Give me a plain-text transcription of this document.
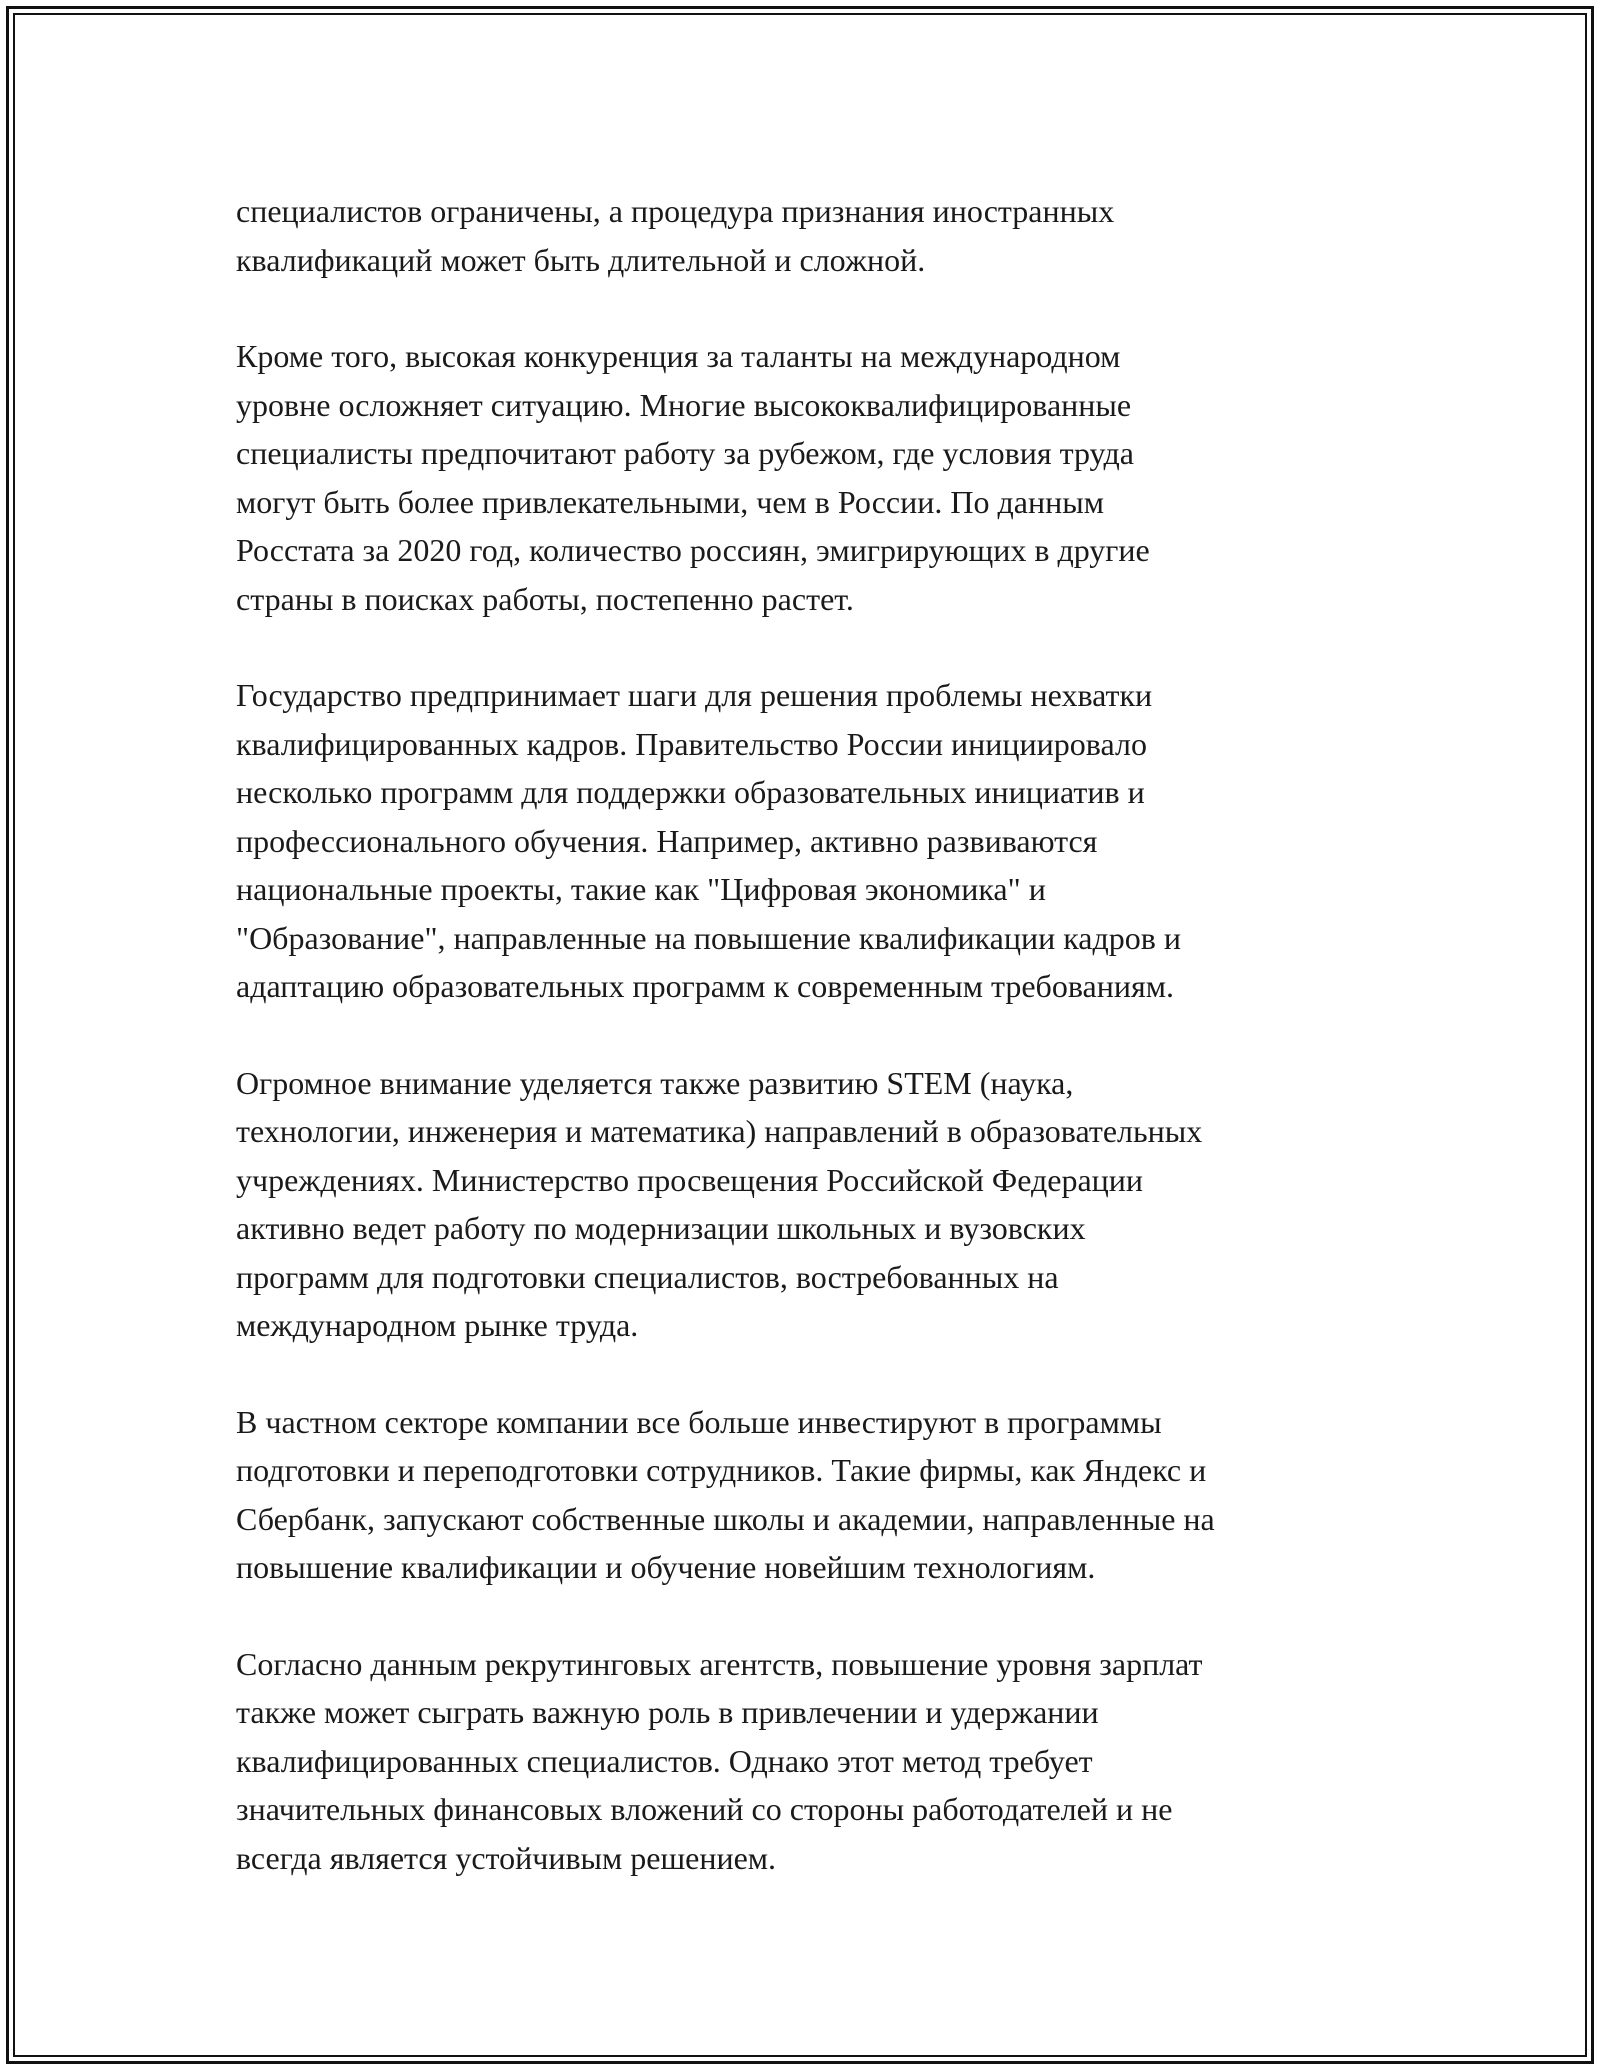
специалистов ограничены, а процедура признания иностранных
квалификаций может быть длительной и сложной.

Кроме того, высокая конкуренция за таланты на международном
уровне осложняет ситуацию. Многие высококвалифицированные
специалисты предпочитают работу за рубежом, где условия труда
могут быть более привлекательными, чем в России. По данным
Росстата за 2020 год, количество россиян, эмигрирующих в другие
страны в поисках работы, постепенно растет.

Государство предпринимает шаги для решения проблемы нехватки
квалифицированных кадров. Правительство России инициировало
несколько программ для поддержки образовательных инициатив и
профессионального обучения. Например, активно развиваются
национальные проекты, такие как "Цифровая экономика" и
"Образование", направленные на повышение квалификации кадров и
адаптацию образовательных программ к современным требованиям.

Огромное внимание уделяется также развитию STEM (наука,
технологии, инженерия и математика) направлений в образовательных
учреждениях. Министерство просвещения Российской Федерации
активно ведет работу по модернизации школьных и вузовских
программ для подготовки специалистов, востребованных на
международном рынке труда.

В частном секторе компании все больше инвестируют в программы
подготовки и переподготовки сотрудников. Такие фирмы, как Яндекс и
Сбербанк, запускают собственные школы и академии, направленные на
повышение квалификации и обучение новейшим технологиям.

Согласно данным рекрутинговых агентств, повышение уровня зарплат
также может сыграть важную роль в привлечении и удержании
квалифицированных специалистов. Однако этот метод требует
значительных финансовых вложений со стороны работодателей и не
всегда является устойчивым решением.
